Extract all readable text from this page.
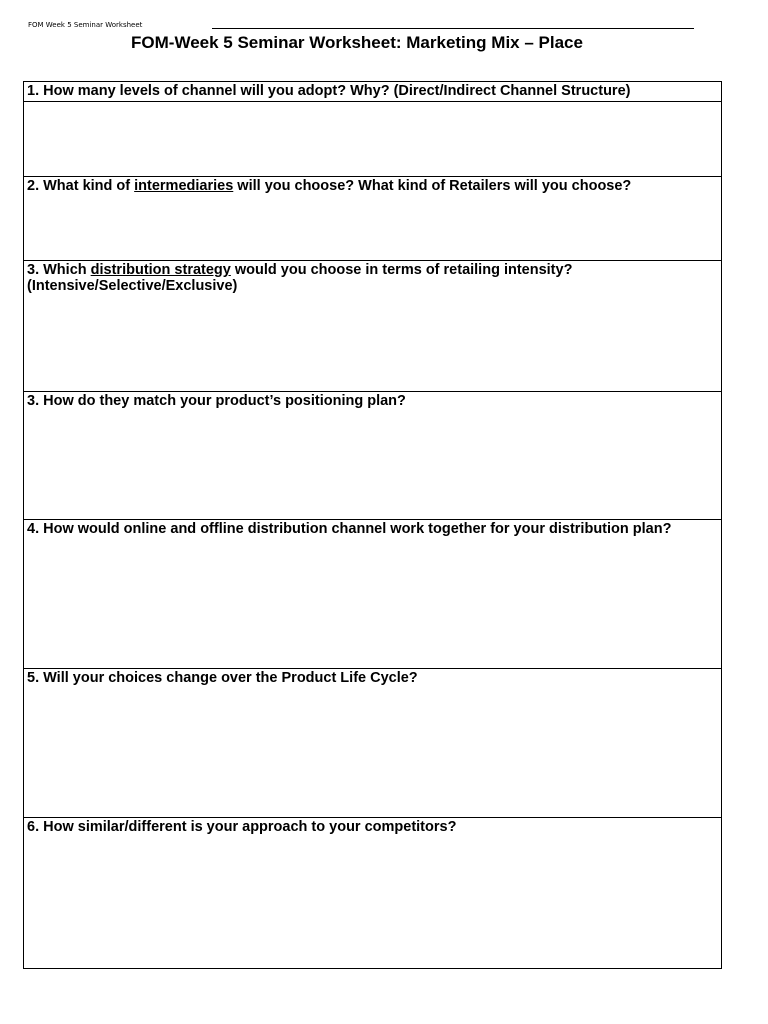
FOM Week 5 Seminar Worksheet
FOM-Week 5 Seminar Worksheet: Marketing Mix – Place
1. How many levels of channel will you adopt? Why? (Direct/Indirect Channel Structure)
2. What kind of intermediaries will you choose? What kind of Retailers will you choose?
3. Which distribution strategy would you choose in terms of retailing intensity? (Intensive/Selective/Exclusive)
3. How do they match your product’s positioning plan?
4. How would online and offline distribution channel work together for your distribution plan?
5. Will your choices change over the Product Life Cycle?
6. How similar/different is your approach to your competitors?
